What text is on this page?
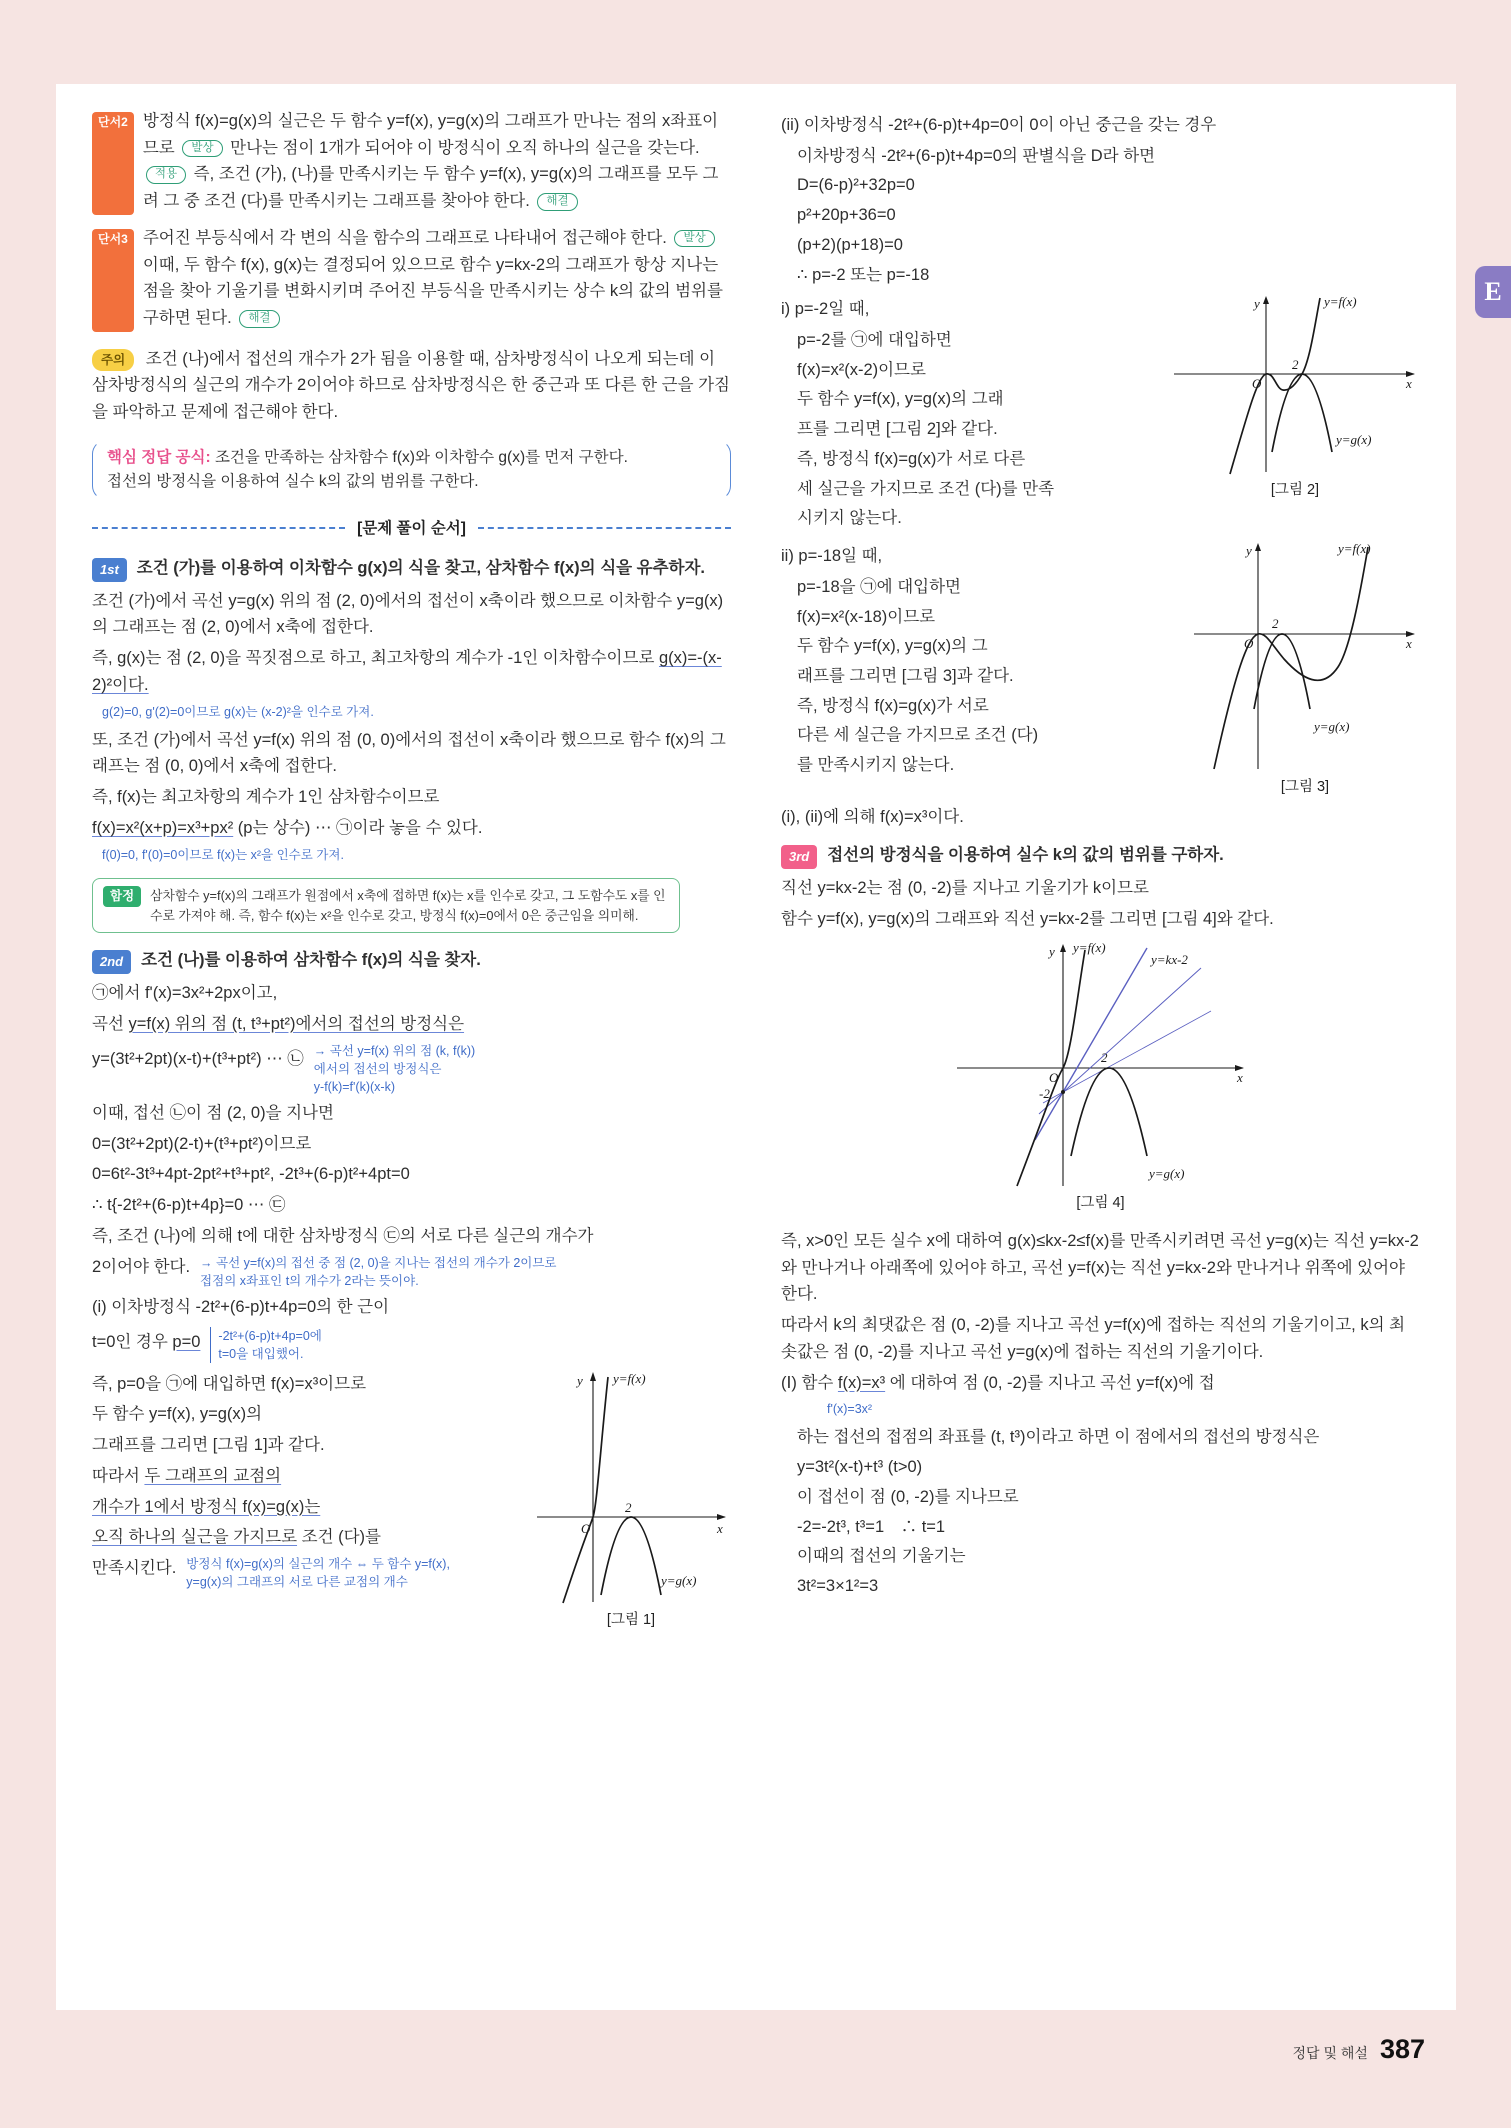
E
단서2 방정식 f(x)=g(x)의 실근은 두 함수 y=f(x), y=g(x)의 그래프가 만나는 점의 x좌표이므로 발상 만나는 점이 1개가 되어야 이 방정식이 오직 하나의 실근을 갖는다. 적용 즉, 조건 (가), (나)를 만족시키는 두 함수 y=f(x), y=g(x)의 그래프를 모두 그려 그 중 조건 (다)를 만족시키는 그래프를 찾아야 한다. 해결
단서3 주어진 부등식에서 각 변의 식을 함수의 그래프로 나타내어 접근해야 한다. 발상 이때, 두 함수 f(x), g(x)는 결정되어 있으므로 함수 y=kx-2의 그래프가 항상 지나는 점을 찾아 기울기를 변화시키며 주어진 부등식을 만족시키는 상수 k의 값의 범위를 구하면 된다. 해결
주의 조건 (나)에서 접선의 개수가 2가 됨을 이용할 때, 삼차방정식이 나오게 되는데 이 삼차방정식의 실근의 개수가 2이어야 하므로 삼차방정식은 한 중근과 또 다른 한 근을 가짐을 파악하고 문제에 접근해야 한다.
핵심 정답 공식: 조건을 만족하는 삼차함수 f(x)와 이차함수 g(x)를 먼저 구한다.
접선의 방정식을 이용하여 실수 k의 값의 범위를 구한다.
[문제 풀이 순서]
1st	조건 (가)를 이용하여 이차함수 g(x)의 식을 찾고, 삼차함수 f(x)의 식을 유추하자.

조건 (가)에서 곡선 y=g(x) 위의 점 (2, 0)에서의 접선이 x축이라 했으므로 이차함수 y=g(x)의 그래프는 점 (2, 0)에서 x축에 접한다.

즉, g(x)는 점 (2, 0)을 꼭짓점으로 하고, 최고차항의 계수가 -1인 이차함수이므로 g(x)=-(x-2)²이다.

g(2)=0, g'(2)=0이므로 g(x)는 (x-2)²을 인수로 가져.

또, 조건 (가)에서 곡선 y=f(x) 위의 점 (0, 0)에서의 접선이 x축이라 했으므로 함수 f(x)의 그래프는 점 (0, 0)에서 x축에 접한다.

즉, f(x)는 최고차항의 계수가 1인 삼차함수이므로

f(x)=x²(x+p)=x³+px² (p는 상수) ⋯ ㉠이라 놓을 수 있다.

f(0)=0, f'(0)=0이므로 f(x)는 x²을 인수로 가져.
함정	삼차함수 y=f(x)의 그래프가 원점에서 x축에 접하면 f(x)는 x를 인수로 갖고, 그 도함수도 x를 인수로 가져야 해. 즉, 함수 f(x)는 x²을 인수로 갖고, 방정식 f(x)=0에서 0은 중근임을 의미해.
2nd	조건 (나)를 이용하여 삼차함수 f(x)의 식을 찾자.

㉠에서 f'(x)=3x²+2px이고,

곡선 y=f(x) 위의 점 (t, t³+pt²)에서의 접선의 방정식은

y=(3t²+2pt)(x-t)+(t³+pt²) ⋯ ㉡ → 곡선 y=f(x) 위의 점 (k, f(k))
에서의 접선의 방정식은
y-f(k)=f'(k)(x-k)

이때, 접선 ㉡이 점 (2, 0)을 지나면

0=(3t²+2pt)(2-t)+(t³+pt²)이므로

0=6t²-3t³+4pt-2pt²+t³+pt², -2t³+(6-p)t²+4pt=0

∴ t{-2t²+(6-p)t+4p}=0 ⋯ ㉢

즉, 조건 (나)에 의해 t에 대한 삼차방정식 ㉢의 서로 다른 실근의 개수가

2이어야 한다. → 곡선 y=f(x)의 접선 중 점 (2, 0)을 지나는 접선의 개수가 2이므로
접점의 x좌표인 t의 개수가 2라는 뜻이야.

(i) 이차방정식 -2t²+(6-p)t+4p=0의 한 근이

t=0인 경우 p=0 -2t²+(6-p)t+4p=0에
t=0을 대입했어.

즉, p=0을 ㉠에 대입하면 f(x)=x³이므로

두 함수 y=f(x), y=g(x)의

그래프를 그리면 [그림 1]과 같다.

따라서 두 그래프의 교점의

개수가 1에서 방정식 f(x)=g(x)는

오직 하나의 실근을 가지므로 조건 (다)를

만족시킨다. 방정식 f(x)=g(x)의 실근의 개수 ⇔ 두 함수 y=f(x),
y=g(x)의 그래프의 서로 다른 교점의 개수
y y=f(x)
O
2
x
y=g(x)
[그림 1]

(ii) 이차방정식 -2t²+(6-p)t+4p=0이 0이 아닌 중근을 갖는 경우

이차방정식 -2t²+(6-p)t+4p=0의 판별식을 D라 하면

D=(6-p)²+32p=0

p²+20p+36=0

(p+2)(p+18)=0

∴ p=-2 또는 p=-18

i) p=-2일 때,

p=-2를 ㉠에 대입하면

f(x)=x²(x-2)이므로

두 함수 y=f(x), y=g(x)의 그래

프를 그리면 [그림 2]와 같다.

즉, 방정식 f(x)=g(x)가 서로 다른

세 실근을 가지므로 조건 (다)를 만족

시키지 않는다.

y	y=f(x)
O
2
x
y=g(x)
[그림 2]

ii) p=-18일 때,

p=-18을 ㉠에 대입하면

f(x)=x²(x-18)이므로

두 함수 y=f(x), y=g(x)의 그

래프를 그리면 [그림 3]과 같다.

즉, 방정식 f(x)=g(x)가 서로

다른 세 실근을 가지므로 조건 (다)

를 만족시키지 않는다.

y	y=f(x)
O
2
x
y=g(x)
[그림 3]

(i), (ii)에 의해 f(x)=x³이다.

3rd	접선의 방정식을 이용하여 실수 k의 값의 범위를 구하자.

직선 y=kx-2는 점 (0, -2)를 지나고 기울기가 k이므로

함수 y=f(x), y=g(x)의 그래프와 직선 y=kx-2를 그리면 [그림 4]와 같다.

y y=f(x)
y=kx-2
O
2
x
-2
y=g(x)
[그림 4]

즉, x>0인 모든 실수 x에 대하여 g(x)≤kx-2≤f(x)를 만족시키려면 곡선 y=g(x)는 직선 y=kx-2와 만나거나 아래쪽에 있어야 하고, 곡선 y=f(x)는 직선 y=kx-2와 만나거나 위쪽에 있어야 한다.

따라서 k의 최댓값은 점 (0, -2)를 지나고 곡선 y=f(x)에 접하는 직선의 기울기이고, k의 최솟값은 점 (0, -2)를 지나고 곡선 y=g(x)에 접하는 직선의 기울기이다.

(Ⅰ) 함수 f(x)=x³ 에 대하여 점 (0, -2)를 지나고 곡선 y=f(x)에 접

f'(x)=3x²

하는 접선의 접점의 좌표를 (t, t³)이라고 하면 이 점에서의 접선의 방정식은

y=3t²(x-t)+t³ (t>0)

이 접선이 점 (0, -2)를 지나므로

-2=-2t³, t³=1　∴ t=1

이때의 접선의 기울기는

3t²=3×1²=3

정답 및 해설 387
